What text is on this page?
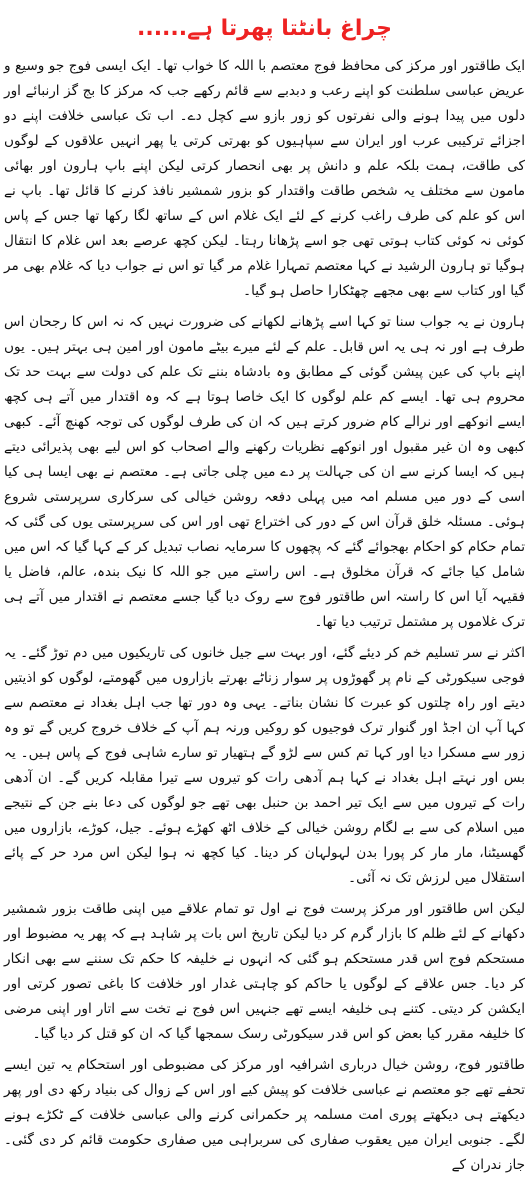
چراغ بانٹتا پھرتا ہے......

ایک طاقتور اور مرکز کی محافظ فوج معتصم با اللہ کا خواب تھا۔ ایک ایسی فوج جو وسیع و عریض عباسی سلطنت کو اپنے رعب و دبدبے سے قائم رکھے جب کہ مرکز کا بج گز ارنبائے اور دلوں میں پیدا ہونے والی نفرتوں کو زور بازو سے کچل دے۔ اب تک عباسی خلافت اپنے دو اجزائے ترکیبی عرب اور ایران سے سپاہیوں کو بھرتی کرتی یا پھر انہیں علاقوں کے لوگوں کی طاقت، ہمت بلکہ علم و دانش پر بھی انحصار کرتی لیکن اپنے باپ ہارون اور بھائی مامون سے مختلف یہ شخص طاقت واقتدار کو بزور شمشیر نافذ کرنے کا قائل تھا۔ باپ نے اس کو علم کی طرف راغب کرنے کے لئے ایک غلام اس کے ساتھ لگا رکھا تھا جس کے پاس کوئی نہ کوئی کتاب ہوتی تھی جو اسے پڑھانا رہتا۔ لیکن کچھ عرصے بعد اس غلام کا انتقال ہوگیا تو ہارون الرشید نے کہا معتصم تمہارا غلام مر گیا تو اس نے جواب دیا کہ غلام بھی مر گیا اور کتاب سے بھی مجھے چھٹکارا حاصل ہو گیا۔

ہارون نے یہ جواب سنا تو کہا اسے پڑھانے لکھانے کی ضرورت نہیں کہ نہ اس کا رجحان اس طرف ہے اور نہ ہی یہ اس قابل۔ علم کے لئے میرے بیٹے مامون اور امین ہی بہتر ہیں۔ یوں اپنے باپ کی عین پیشن گوئی کے مطابق وہ بادشاہ بننے تک علم کی دولت سے بہت حد تک محروم ہی تھا۔ ایسے کم علم لوگوں کا ایک خاصا ہوتا ہے کہ وہ اقتدار میں آتے ہی کچھ ایسے انوکھے اور نرالے کام ضرور کرتے ہیں کہ ان کی طرف لوگوں کی توجہ کھنچ آئے۔ کبھی کبھی وہ ان غیر مقبول اور انوکھے نظریات رکھنے والے اصحاب کو اس لیے بھی پذیرائی دیتے ہیں کہ ایسا کرنے سے ان کی جہالت پر دے میں چلی جاتی ہے۔ معتصم نے بھی ایسا ہی کیا اسی کے دور میں مسلم امہ میں پہلی دفعہ روشن خیالی کی سرکاری سرپرستی شروع ہوئی۔ مسئلہ خلق قرآن اس کے دور کی اختراع تھی اور اس کی سرپرستی یوں کی گئی کہ تمام حکام کو احکام بھجوائے گئے کہ پچھوں کا سرمایہ نصاب تبدیل کر کے کہا گیا کہ اس میں شامل کیا جائے کہ قرآن مخلوق ہے۔ اس راستے میں جو اللہ کا نیک بندہ، عالم، فاضل یا فقیہہ آیا اس کا راستہ اس طاقتور فوج سے روک دیا گیا جسے معتصم نے اقتدار میں آتے ہی ترک غلاموں پر مشتمل ترتیب دیا تھا۔

اکثر نے سر تسلیم خم کر دیئے گئے، اور بہت سے جیل خانوں کی تاریکیوں میں دم توڑ گئے۔ یہ فوجی سیکورٹی کے نام پر گھوڑوں پر سوار زناٹے بھرتے بازاروں میں گھومتے، لوگوں کو اذیتیں دیتے اور راہ چلتوں کو عبرت کا نشان بناتے۔ یہی وہ دور تھا جب اہل بغداد نے معتصم سے کہا آپ ان اجڈ اور گنوار ترک فوجیوں کو روکیں ورنہ ہم آپ کے خلاف خروج کریں گے تو وہ زور سے مسکرا دیا اور کہا تم کس سے لڑو گے ہتھیار تو سارے شاہی فوج کے پاس ہیں۔ یہ بس اور نہتے اہل بغداد نے کہا ہم آدھی رات کو تیروں سے تیرا مقابلہ کریں گے۔ ان آدھی رات کے تیروں میں سے ایک تیر احمد بن حنبل بھی تھے جو لوگوں کی دعا بنے جن کے نتیجے میں اسلام کی سے بے لگام روشن خیالی کے خلاف اٹھ کھڑے ہوئے۔ جیل، کوڑے، بازاروں میں گھسیٹنا، مار مار کر پورا بدن لہولہان کر دینا۔ کیا کچھ نہ ہوا لیکن اس مرد حر کے پائے استقلال میں لرزش تک نہ آئی۔

لیکن اس طاقتور اور مرکز پرست فوج نے اول تو تمام علاقے میں اپنی طاقت بزور شمشیر دکھانے کے لئے ظلم کا بازار گرم کر دیا لیکن تاریخ اس بات پر شاہد ہے کہ پھر یہ مضبوط اور مستحکم فوج اس قدر مستحکم ہو گئی کہ انہوں نے خلیفہ کا حکم تک سننے سے بھی انکار کر دیا۔ جس علاقے کے لوگوں یا حاکم کو چاہتی غدار اور خلافت کا باغی تصور کرتی اور ایکشن کر دیتی۔ کتنے ہی خلیفہ ایسے تھے جنہیں اس فوج نے تخت سے اتار اور اپنی مرضی کا خلیفہ مقرر کیا بعض کو اس قدر سیکورٹی رسک سمجھا گیا کہ ان کو قتل کر دیا گیا۔

طاقتور فوج، روشن خیال درباری اشرافیہ اور مرکز کی مضبوطی اور استحکام یہ تین ایسے تحفے تھے جو معتصم نے عباسی خلافت کو پیش کیے اور اس کے زوال کی بنیاد رکھ دی اور پھر دیکھتے ہی دیکھتے پوری امت مسلمہ پر حکمرانی کرنے والی عباسی خلافت کے ٹکڑے ہونے لگے۔ جنوبی ایران میں یعقوب صفاری کی سربراہی میں صفاری حکومت قائم کر دی گئی۔ جاز ندران کے
